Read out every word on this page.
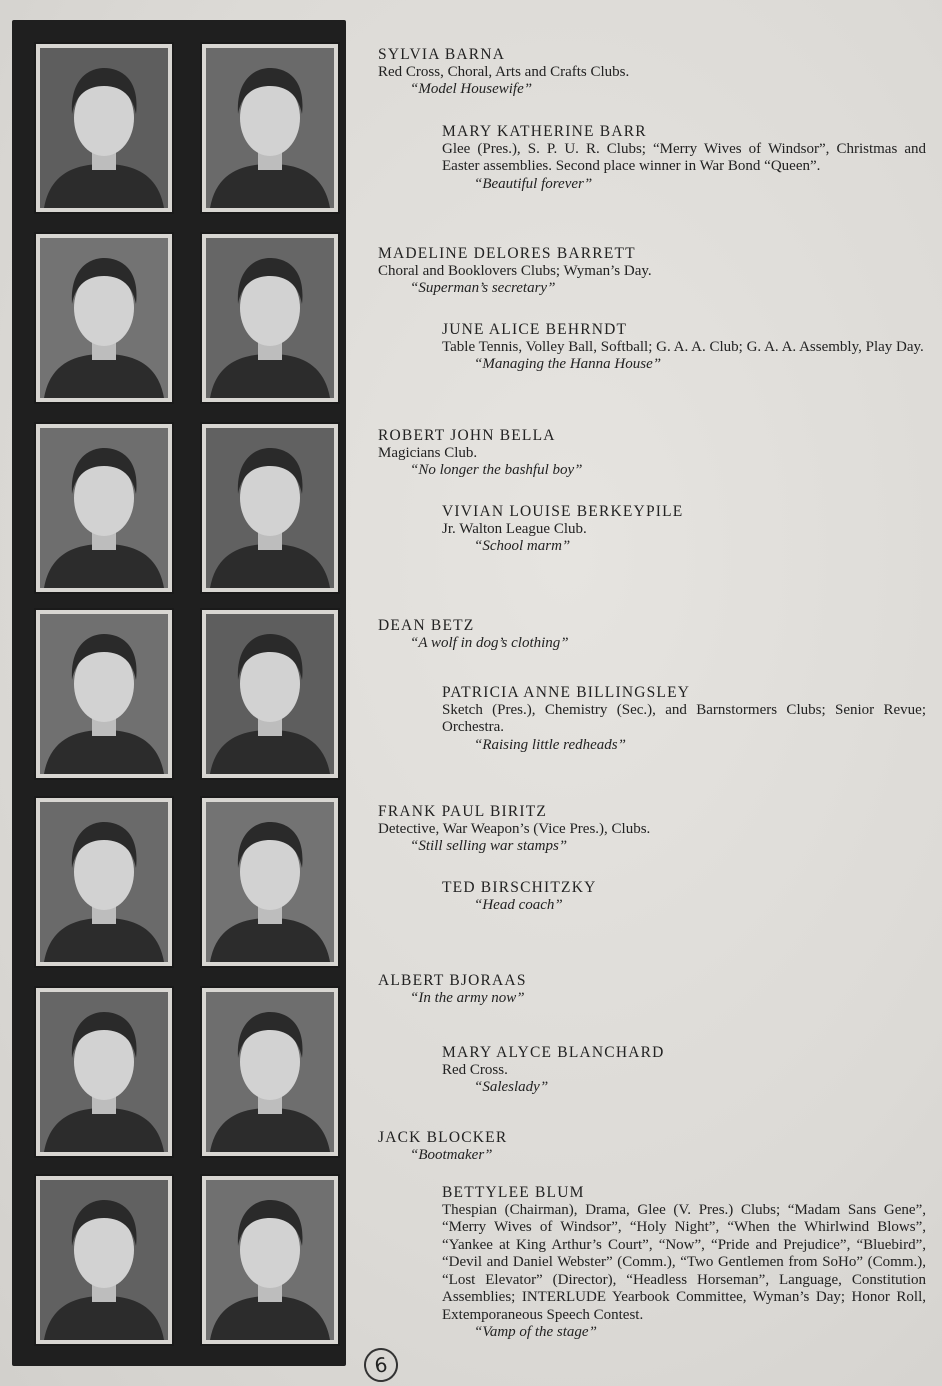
SYLVIA BARNA
Red Cross, Choral, Arts and Crafts Clubs.
“Model Housewife”
MARY KATHERINE BARR
Glee (Pres.), S. P. U. R. Clubs; “Merry Wives of Windsor”, Christmas and Easter assemblies. Second place winner in War Bond “Queen”.
“Beautiful forever”
MADELINE DELORES BARRETT
Choral and Booklovers Clubs; Wyman’s Day.
“Superman’s secretary”
JUNE ALICE BEHRNDT
Table Tennis, Volley Ball, Softball; G. A. A. Club; G. A. A. Assembly, Play Day.
“Managing the Hanna House”
ROBERT JOHN BELLA
Magicians Club.
“No longer the bashful boy”
VIVIAN LOUISE BERKEYPILE
Jr. Walton League Club.
“School marm”
DEAN BETZ
“A wolf in dog’s clothing”
PATRICIA ANNE BILLINGSLEY
Sketch (Pres.), Chemistry (Sec.), and Barnstormers Clubs; Senior Revue; Orchestra.
“Raising little redheads”
FRANK PAUL BIRITZ
Detective, War Weapon’s (Vice Pres.), Clubs.
“Still selling war stamps”
TED BIRSCHITZKY
“Head coach”
ALBERT BJORAAS
“In the army now”
MARY ALYCE BLANCHARD
Red Cross.
“Saleslady”
JACK BLOCKER
“Bootmaker”
BETTYLEE BLUM
Thespian (Chairman), Drama, Glee (V. Pres.) Clubs; “Madam Sans Gene”, “Merry Wives of Windsor”, “Holy Night”, “When the Whirlwind Blows”, “Yankee at King Arthur’s Court”, “Now”, “Pride and Prejudice”, “Bluebird”, “Devil and Daniel Webster” (Comm.), “Two Gentlemen from SoHo” (Comm.), “Lost Elevator” (Director), “Headless Horseman”, Language, Constitution Assemblies; INTERLUDE Yearbook Committee, Wyman’s Day; Honor Roll, Extemporaneous Speech Contest.
“Vamp of the stage”
6
